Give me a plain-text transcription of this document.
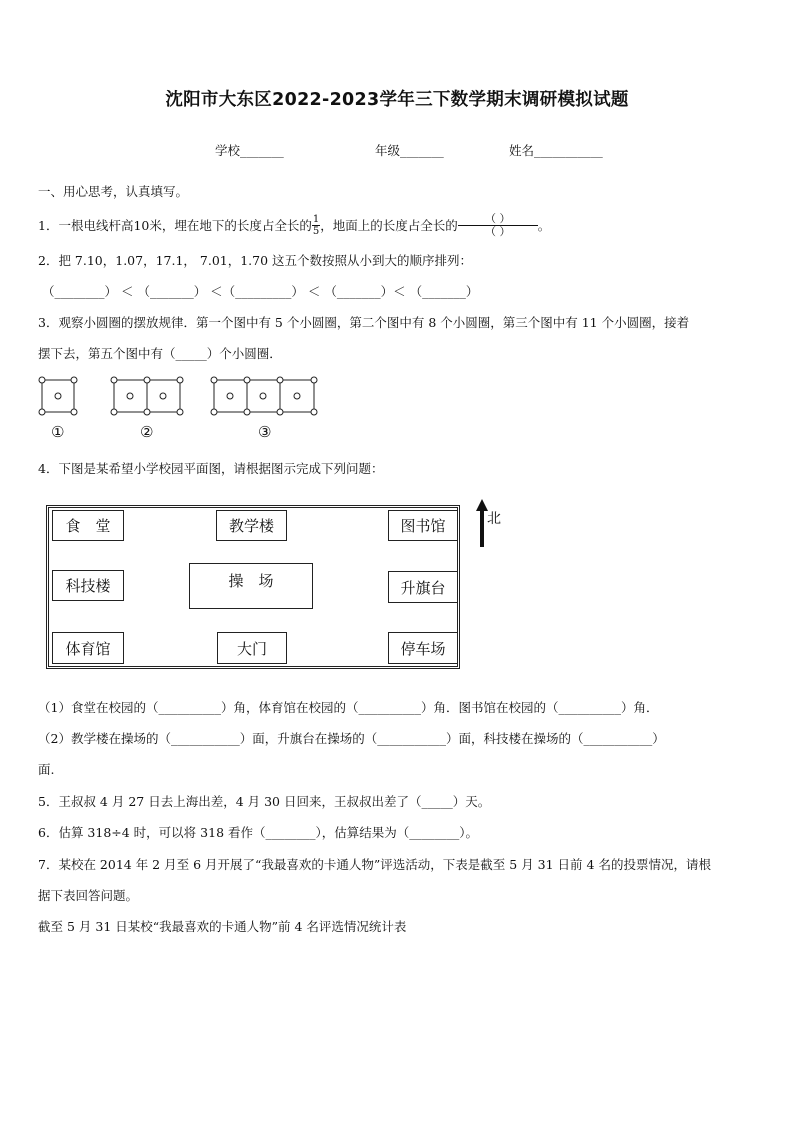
沈阳市大东区2022-2023学年三下数学期末调研模拟试题
学校_______	年级_______	姓名___________
一、用心思考，认真填写。
1．一根电线杆高10米，埋在地下的长度占全长的 $\frac{1}{5}$ ，地面上的长度占全长的 $\frac{( )}{( )}$ 。
2．把 7.10，1.07，17.1， 7.01，1.70 这五个数按照从小到大的顺序排列：
（________） ＜ （_______） ＜（_________） ＜ （_______）＜ （_______）
3．观察小圆圈的摆放规律．第一个图中有 5 个小圆圈，第二个图中有 8 个小圆圈，第三个图中有 11 个小圆圈，接着
摆下去，第五个图中有（_____）个小圆圈．
①	②	③
4．下图是某希望小学校园平面图，请根据图示完成下列问题：
食　堂	教学楼	图书馆
科技楼	操　场	升旗台
体育馆	大门	停车场
北
（1）食堂在校园的（__________）角，体育馆在校园的（__________）角．图书馆在校园的（__________）角．
（2）教学楼在操场的（___________）面，升旗台在操场的（___________）面，科技楼在操场的（___________）
面.
5．王叔叔 4 月 27 日去上海出差，4 月 30 日回来，王叔叔出差了（_____）天。
6．估算 318÷4 时，可以将 318 看作（________），估算结果为（________）。
7．某校在 2014 年 2 月至 6 月开展了“我最喜欢的卡通人物”评选活动，下表是截至 5 月 31 日前 4 名的投票情况，请根
据下表回答问题。
截至 5 月 31 日某校“我最喜欢的卡通人物”前 4 名评选情况统计表
